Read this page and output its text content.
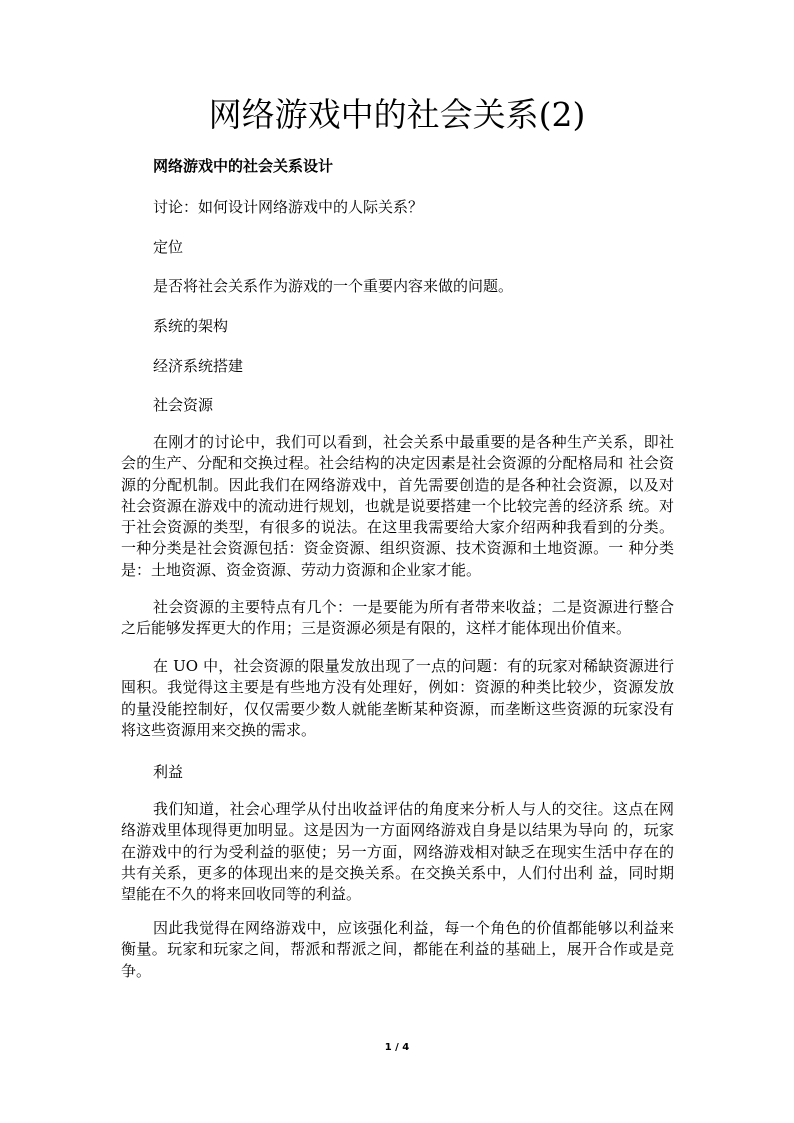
网络游戏中的社会关系(2)

网络游戏中的社会关系设计

讨论：如何设计网络游戏中的人际关系？

定位

是否将社会关系作为游戏的一个重要内容来做的问题。

系统的架构

经济系统搭建

社会资源

在刚才的讨论中，我们可以看到，社会关系中最重要的是各种生产关系，即社会的生产、分配和交换过程。社会结构的决定因素是社会资源的分配格局和 社会资源的分配机制。因此我们在网络游戏中，首先需要创造的是各种社会资源，以及对社会资源在游戏中的流动进行规划，也就是说要搭建一个比较完善的经济系 统。对于社会资源的类型，有很多的说法。在这里我需要给大家介绍两种我看到的分类。一种分类是社会资源包括：资金资源、组织资源、技术资源和土地资源。一 种分类是：土地资源、资金资源、劳动力资源和企业家才能。

社会资源的主要特点有几个：一是要能为所有者带来收益；二是资源进行整合之后能够发挥更大的作用；三是资源必须是有限的，这样才能体现出价值来。

在 UO 中，社会资源的限量发放出现了一点的问题：有的玩家对稀缺资源进行囤积。我觉得这主要是有些地方没有处理好，例如：资源的种类比较少，资源发放的量没能控制好，仅仅需要少数人就能垄断某种资源，而垄断这些资源的玩家没有将这些资源用来交换的需求。

利益

我们知道，社会心理学从付出收益评估的角度来分析人与人的交往。这点在网络游戏里体现得更加明显。这是因为一方面网络游戏自身是以结果为导向 的，玩家在游戏中的行为受利益的驱使；另一方面，网络游戏相对缺乏在现实生活中存在的共有关系，更多的体现出来的是交换关系。在交换关系中，人们付出利 益，同时期望能在不久的将来回收同等的利益。

因此我觉得在网络游戏中，应该强化利益，每一个角色的价值都能够以利益来衡量。玩家和玩家之间，帮派和帮派之间，都能在利益的基础上，展开合作或是竞争。

1 / 4
